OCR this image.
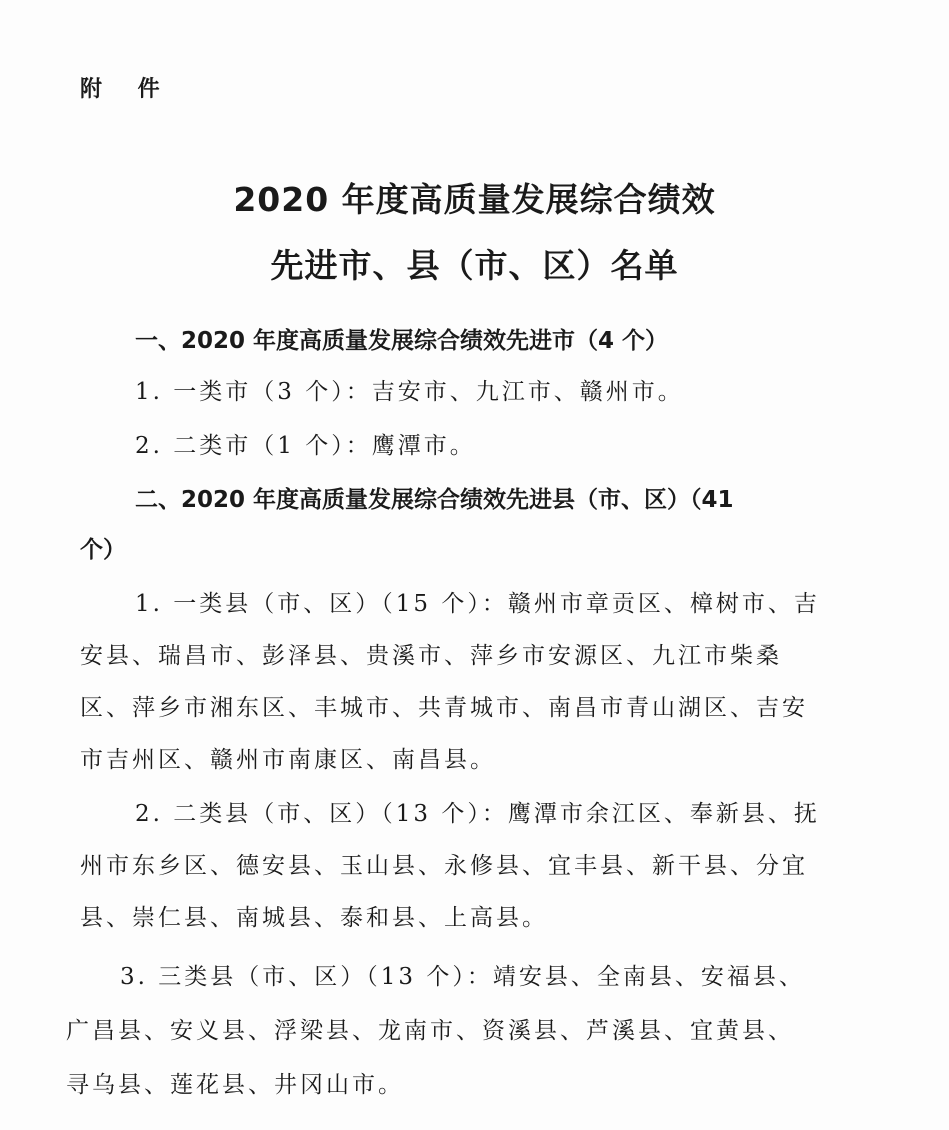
附 件
2020 年度高质量发展综合绩效
先进市、县（市、区）名单
一、2020 年度高质量发展综合绩效先进市（4 个）
1. 一类市（3 个）：吉安市、九江市、赣州市。
2. 二类市（1 个）：鹰潭市。
二、2020 年度高质量发展综合绩效先进县（市、区）（41
个）
1. 一类县（市、区）（15 个）：赣州市章贡区、樟树市、吉
安县、瑞昌市、彭泽县、贵溪市、萍乡市安源区、九江市柴桑
区、萍乡市湘东区、丰城市、共青城市、南昌市青山湖区、吉安
市吉州区、赣州市南康区、南昌县。
2. 二类县（市、区）（13 个）：鹰潭市余江区、奉新县、抚
州市东乡区、德安县、玉山县、永修县、宜丰县、新干县、分宜
县、崇仁县、南城县、泰和县、上高县。
3. 三类县（市、区）（13 个）：靖安县、全南县、安福县、
广昌县、安义县、浮梁县、龙南市、资溪县、芦溪县、宜黄县、
寻乌县、莲花县、井冈山市。
